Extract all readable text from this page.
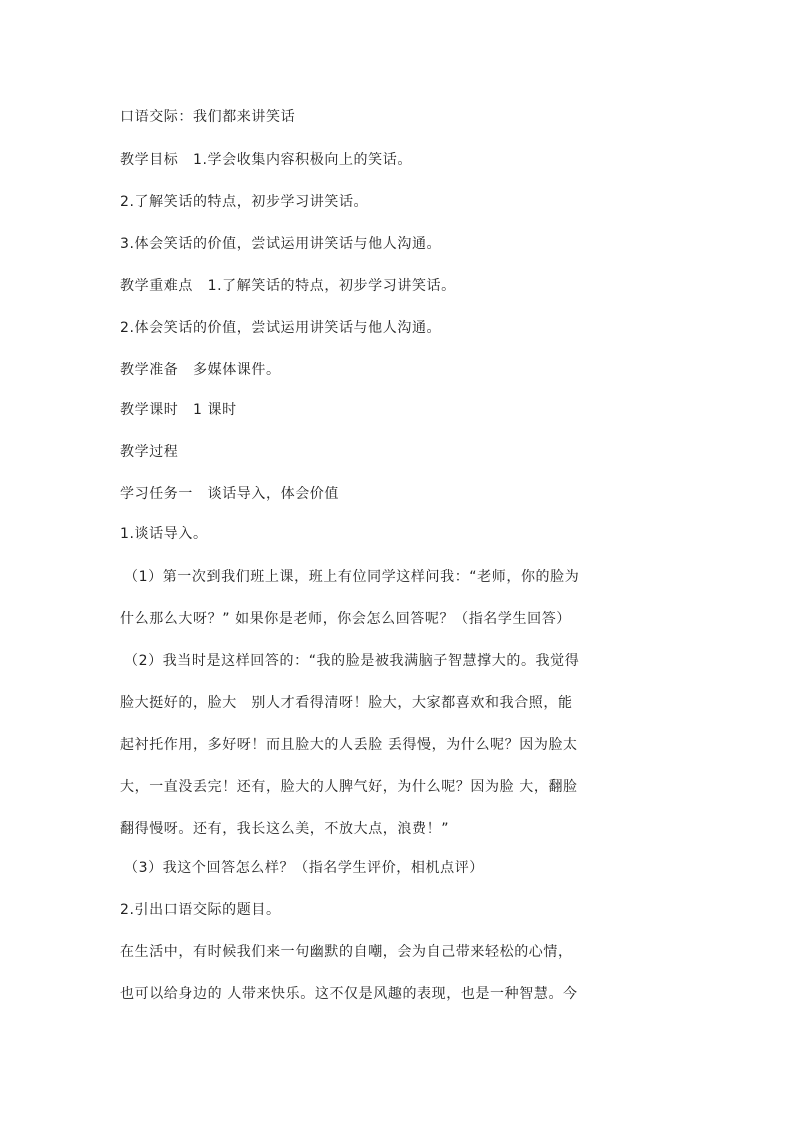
口语交际：我们都来讲笑话
教学目标　1.学会收集内容积极向上的笑话。
2.了解笑话的特点，初步学习讲笑话。
3.体会笑话的价值，尝试运用讲笑话与他人沟通。
教学重难点　1.了解笑话的特点，初步学习讲笑话。
2.体会笑话的价值，尝试运用讲笑话与他人沟通。
教学准备　多媒体课件。
教学课时　1 课时
教学过程
学习任务一　谈话导入，体会价值
1.谈话导入。
（1）第一次到我们班上课，班上有位同学这样问我：“老师，你的脸为
什么那么大呀？” 如果你是老师，你会怎么回答呢？（指名学生回答）
（2）我当时是这样回答的：“我的脸是被我满脑子智慧撑大的。我觉得
脸大挺好的，脸大　别人才看得清呀！脸大，大家都喜欢和我合照，能
起衬托作用，多好呀！而且脸大的人丢脸 丢得慢，为什么呢？因为脸太
大，一直没丢完！还有，脸大的人脾气好，为什么呢？因为脸 大，翻脸
翻得慢呀。还有，我长这么美，不放大点，浪费！”
（3）我这个回答怎么样？（指名学生评价，相机点评）
2.引出口语交际的题目。
在生活中，有时候我们来一句幽默的自嘲，会为自己带来轻松的心情，
也可以给身边的 人带来快乐。这不仅是风趣的表现，也是一种智慧。今
